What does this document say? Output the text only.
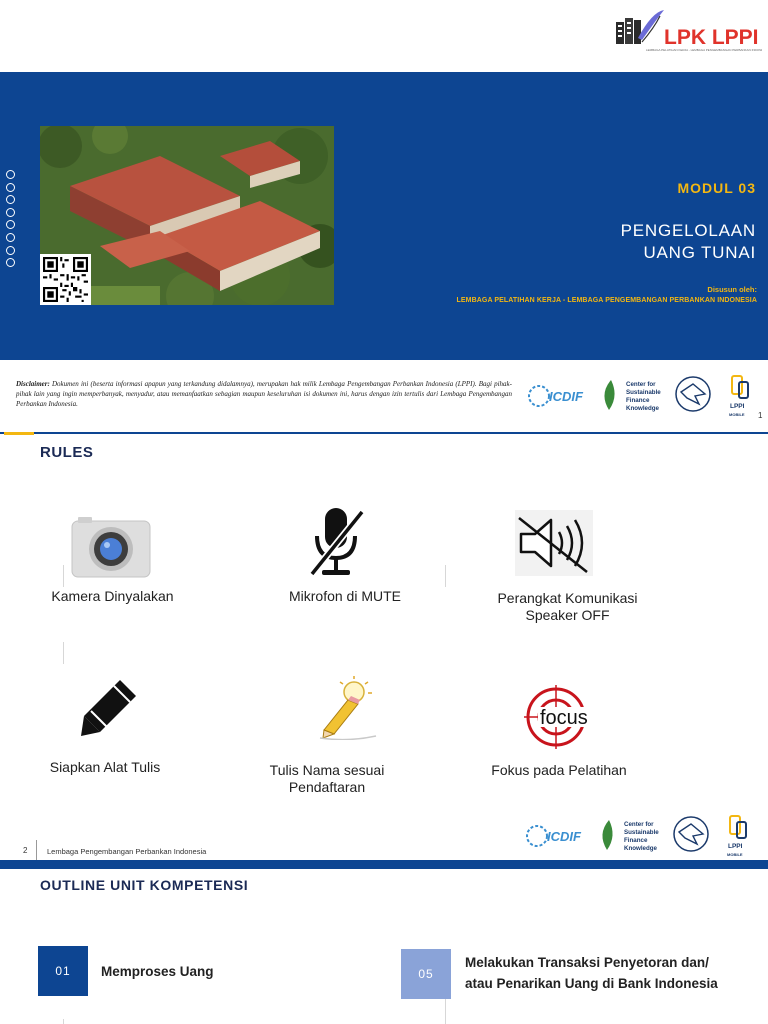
LPK LPPI
LEMBAGA PELATIHAN KERJA - LEMBAGA PENGEMBANGAN PERBANKAN INDONESIA
MODUL 03
PENGELOLAAN
UANG TUNAI
Disusun oleh:
LEMBAGA PELATIHAN KERJA - LEMBAGA PENGEMBANGAN PERBANKAN INDONESIA
Disclaimer: Dokumen ini (beserta informasi apapun yang terkandung didalamnya), merupakan hak milik Lembaga Pengembangan Perbankan Indonesia (LPPI). Bagi pihak-pihak lain yang ingin memperbanyak, menyadur, atau memanfaatkan sebagian maupun keseluruhan isi dokumen ini, harus dengan izin tertulis dari Lembaga Pengembangan Perbankan Indonesia.	ICDIF
Center for
Sustainable
Finance
Knowledge	LPPI
MOBILE 1
RULES
Kamera Dinyalakan	Mikrofon di MUTE	Perangkat Komunikasi
Speaker OFF
Siapkan Alat Tulis	Tulis Nama sesuai
Pendaftaran
focus
Fokus pada Pelatihan
2	Lembaga Pengembangan Perbankan Indonesia
ICDIF
Center for
Sustainable
Finance
Knowledge	LPPI
MOBILE
OUTLINE UNIT KOMPETENSI
01	Memproses Uang	05
Melakukan Transaksi Penyetoran dan/
atau Penarikan Uang di Bank Indonesia
